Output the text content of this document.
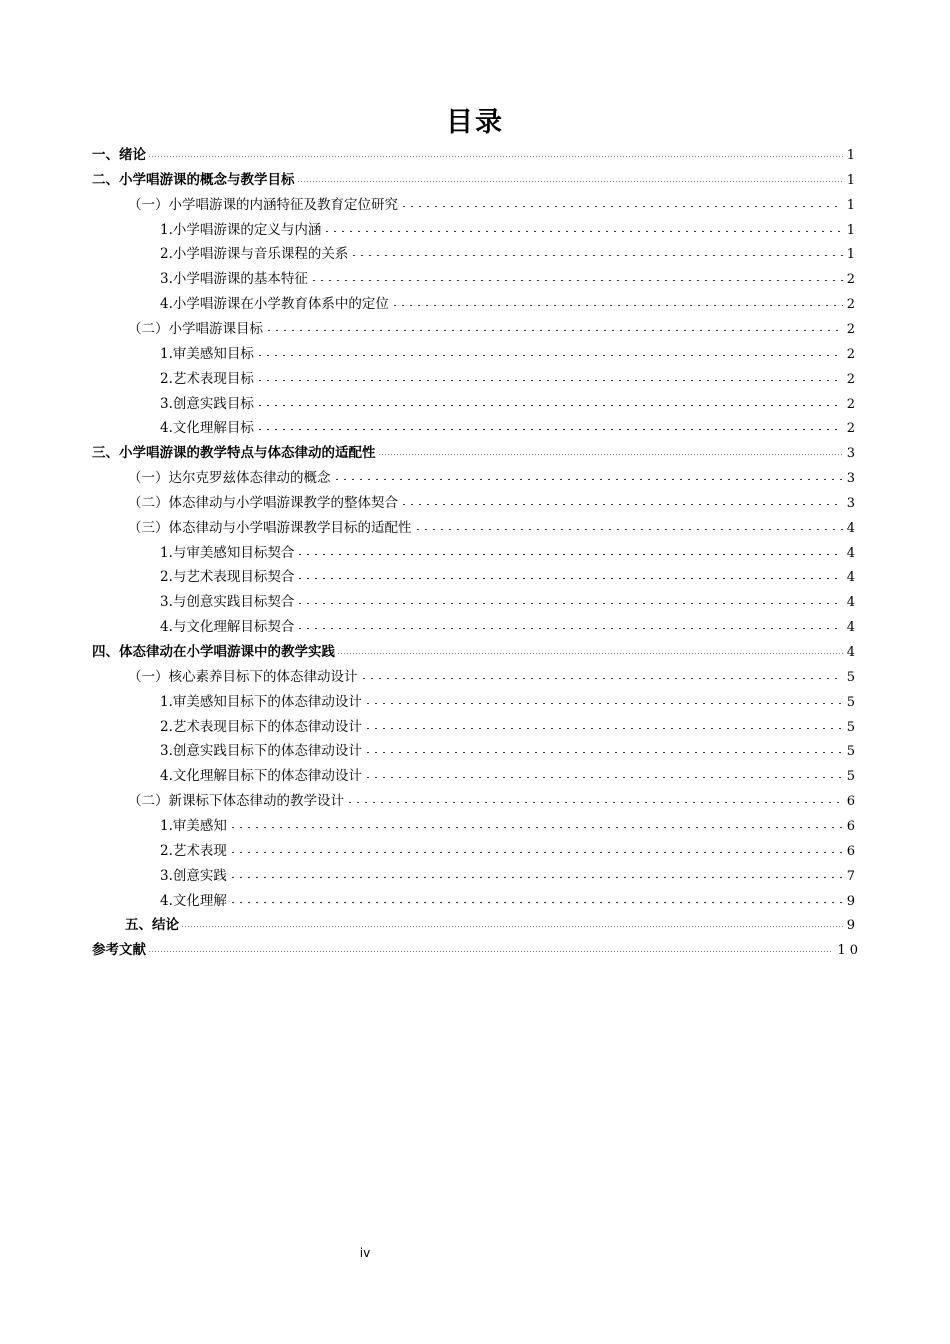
目录
一、绪论	1
二、小学唱游课的概念与教学目标	1
（一）小学唱游课的内涵特征及教育定位研究	1
1.小学唱游课的定义与内涵	1
2.小学唱游课与音乐课程的关系	1
3.小学唱游课的基本特征	2
4.小学唱游课在小学教育体系中的定位	2
（二）小学唱游课目标	2
1.审美感知目标	2
2.艺术表现目标	2
3.创意实践目标	2
4.文化理解目标	2
三、小学唱游课的教学特点与体态律动的适配性	3
（一）达尔克罗兹体态律动的概念	3
（二）体态律动与小学唱游课教学的整体契合	3
（三）体态律动与小学唱游课教学目标的适配性	4
1.与审美感知目标契合	4
2.与艺术表现目标契合	4
3.与创意实践目标契合	4
4.与文化理解目标契合	4
四、体态律动在小学唱游课中的教学实践	4
（一）核心素养目标下的体态律动设计	5
1.审美感知目标下的体态律动设计	5
2.艺术表现目标下的体态律动设计	5
3.创意实践目标下的体态律动设计	5
4.文化理解目标下的体态律动设计	5
（二）新课标下体态律动的教学设计	6
1.审美感知	6
2.艺术表现	6
3.创意实践	7
4.文化理解	9
五、结论	9
参考文献	1 0
iv
